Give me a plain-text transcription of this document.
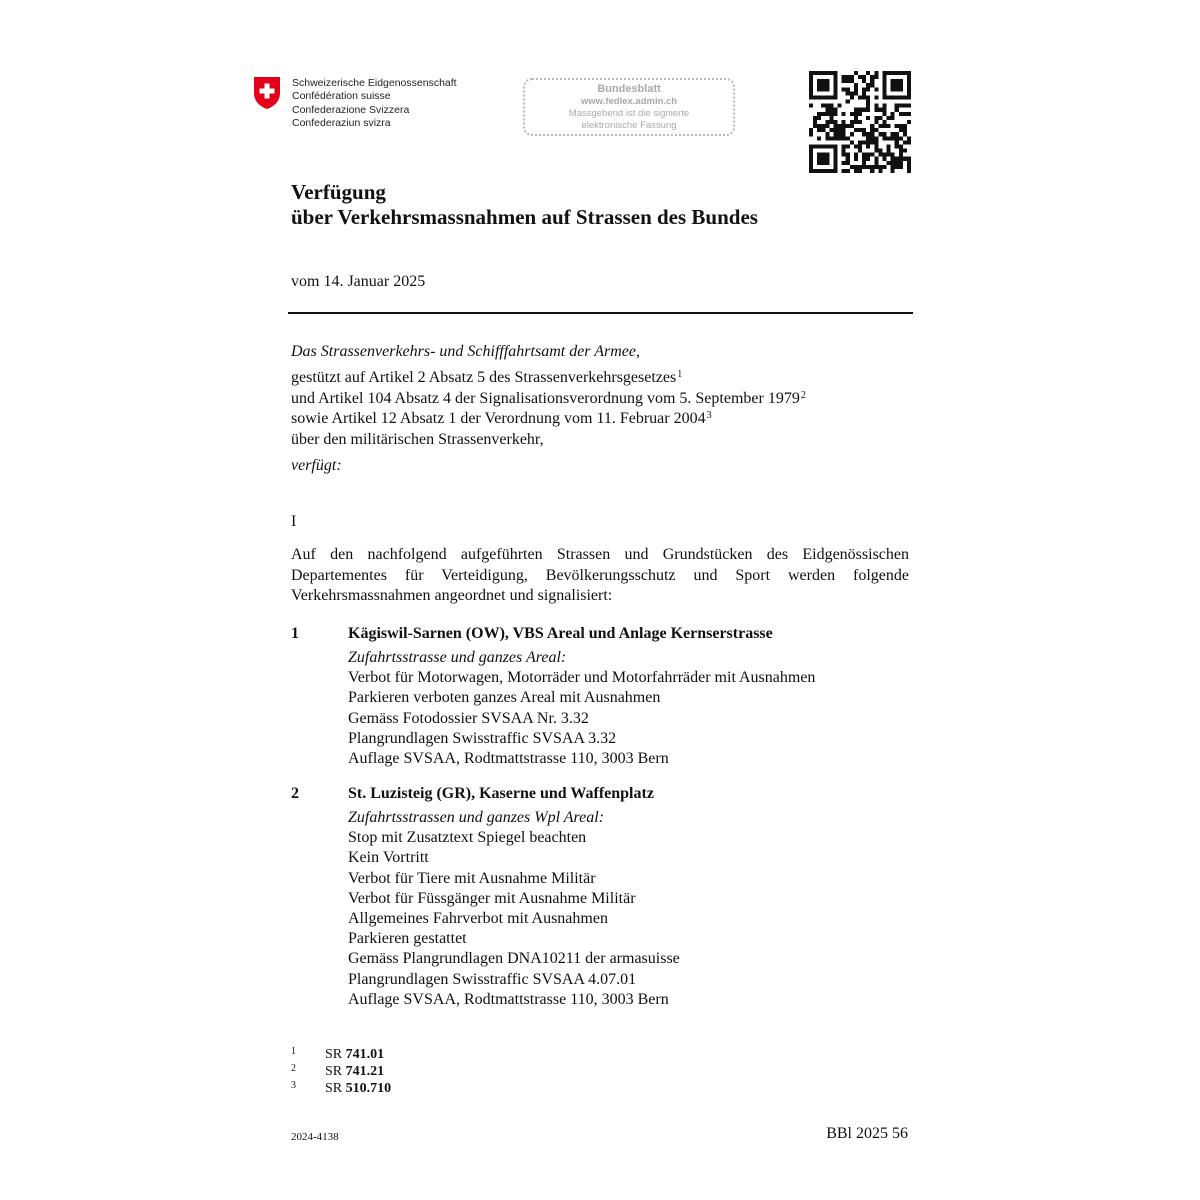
Schweizerische Eidgenossenschaft
Confédération suisse
Confederazione Svizzera
Confederaziun svizra
Bundesblatt
www.fedlex.admin.ch
Massgebend ist die signierte
elektronische Fassung
Verfügung
über Verkehrsmassnahmen auf Strassen des Bundes
vom 14. Januar 2025
Das Strassenverkehrs- und Schifffahrtsamt der Armee,
gestützt auf Artikel 2 Absatz 5 des Strassenverkehrsgesetzes$^1$
und Artikel 104 Absatz 4 der Signalisationsverordnung vom 5. September 1979$^2$
sowie Artikel 12 Absatz 1 der Verordnung vom 11. Februar 2004$^3$
über den militärischen Strassenverkehr,
verfügt:
I
Auf den nachfolgend aufgeführten Strassen und Grundstücken des Eidgenössischen Departementes für Verteidigung, Bevölkerungsschutz und Sport werden folgende Verkehrsmassnahmen angeordnet und signalisiert:
1	Kägiswil-Sarnen (OW), VBS Areal und Anlage Kernserstrasse
Zufahrtsstrasse und ganzes Areal:
Verbot für Motorwagen, Motorräder und Motorfahrräder mit Ausnahmen
Parkieren verboten ganzes Areal mit Ausnahmen
Gemäss Fotodossier SVSAA Nr. 3.32
Plangrundlagen Swisstraffic SVSAA 3.32
Auflage SVSAA, Rodtmattstrasse 110, 3003 Bern
2	St. Luzisteig (GR), Kaserne und Waffenplatz
Zufahrtsstrassen und ganzes Wpl Areal:
Stop mit Zusatztext Spiegel beachten
Kein Vortritt
Verbot für Tiere mit Ausnahme Militär
Verbot für Füssgänger mit Ausnahme Militär
Allgemeines Fahrverbot mit Ausnahmen
Parkieren gestattet
Gemäss Plangrundlagen DNA10211 der armasuisse
Plangrundlagen Swisstraffic SVSAA 4.07.01
Auflage SVSAA, Rodtmattstrasse 110, 3003 Bern
1	SR 741.01
2	SR 741.21
3	SR 510.710
2024-4138	BBl 2025 56
